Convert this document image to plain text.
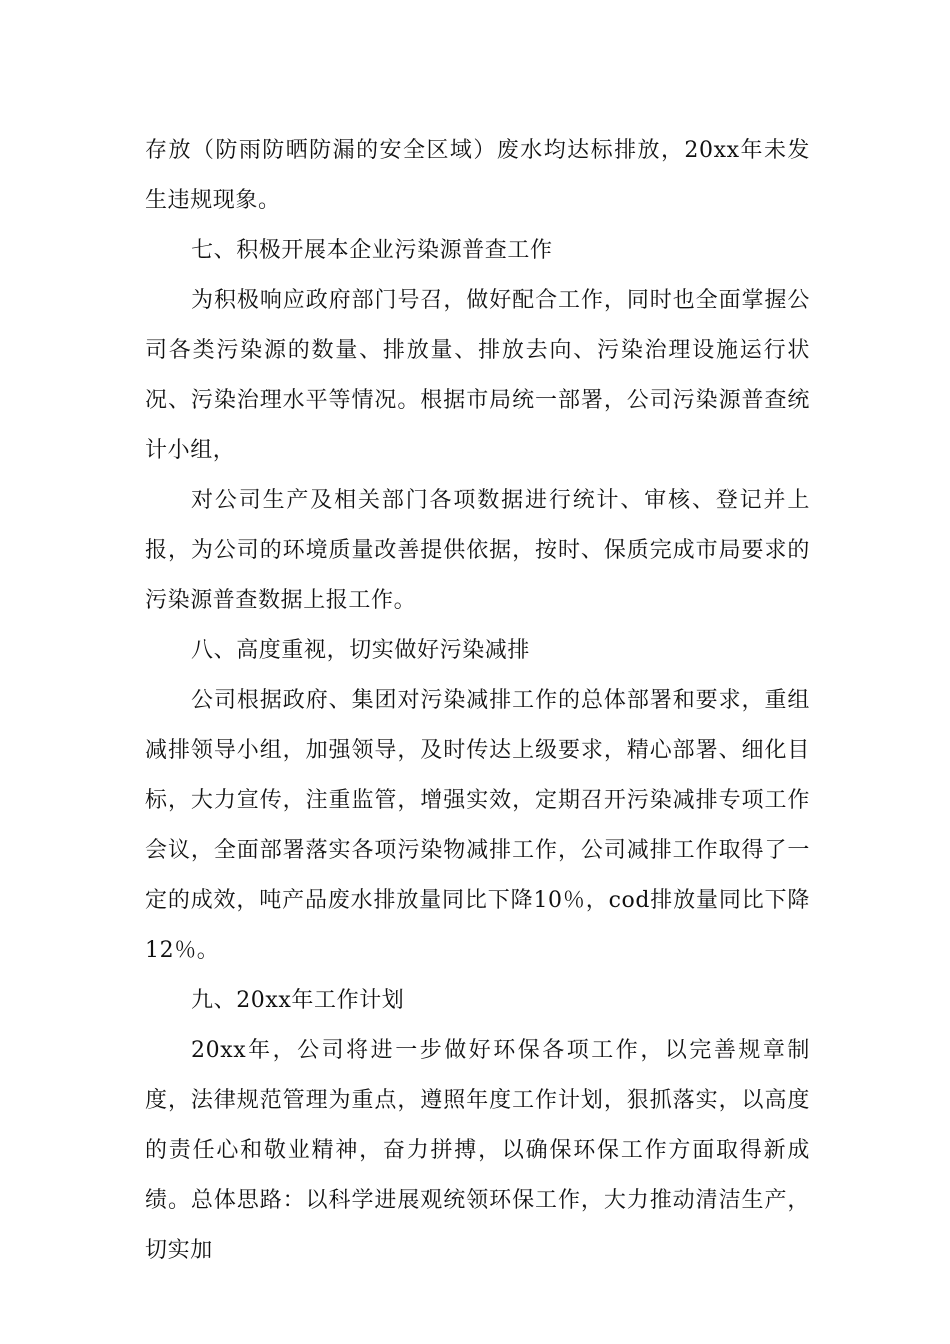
存放（防雨防晒防漏的安全区域）废水均达标排放，20xx年未发生违规现象。

七、积极开展本企业污染源普查工作

为积极响应政府部门号召，做好配合工作，同时也全面掌握公司各类污染源的数量、排放量、排放去向、污染治理设施运行状况、污染治理水平等情况。根据市局统一部署，公司污染源普查统计小组，

对公司生产及相关部门各项数据进行统计、审核、登记并上报，为公司的环境质量改善提供依据，按时、保质完成市局要求的污染源普查数据上报工作。

八、高度重视，切实做好污染减排

公司根据政府、集团对污染减排工作的总体部署和要求，重组减排领导小组，加强领导，及时传达上级要求，精心部署、细化目标，大力宣传，注重监管，增强实效，定期召开污染减排专项工作会议，全面部署落实各项污染物减排工作，公司减排工作取得了一定的成效，吨产品废水排放量同比下降10％，cod排放量同比下降12％。

九、20xx年工作计划

20xx年，公司将进一步做好环保各项工作，以完善规章制度，法律规范管理为重点，遵照年度工作计划，狠抓落实，以高度的责任心和敬业精神，奋力拼搏，以确保环保工作方面取得新成绩。总体思路：以科学进展观统领环保工作，大力推动清洁生产，切实加
